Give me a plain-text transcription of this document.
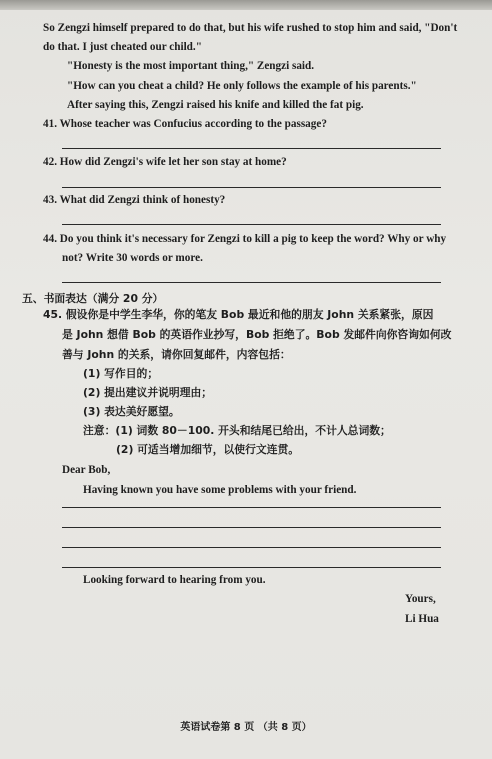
So Zengzi himself prepared to do that, but his wife rushed to stop him and said, "Don't
do that. I just cheated our child."
"Honesty is the most important thing," Zengzi said.
"How can you cheat a child? He only follows the example of his parents."
After saying this, Zengzi raised his knife and killed the fat pig.
41. Whose teacher was Confucius according to the passage?
42. How did Zengzi's wife let her son stay at home?
43. What did Zengzi think of honesty?
44. Do you think it's necessary for Zengzi to kill a pig to keep the word? Why or why
not? Write 30 words or more.
五、书面表达（满分 20 分）
45. 假设你是中学生李华，你的笔友 Bob 最近和他的朋友 John 关系紧张，原因
是 John 想借 Bob 的英语作业抄写，Bob 拒绝了。Bob 发邮件向你咨询如何改
善与 John 的关系，请你回复邮件，内容包括：
(1) 写作目的；
(2) 提出建议并说明理由；
(3) 表达美好愿望。
注意：(1) 词数 80－100. 开头和结尾已给出，不计人总词数；
(2) 可适当增加细节，以使行文连贯。
Dear Bob,
Having known you have some problems with your friend.
Looking forward to hearing from you.
Yours,
Li Hua
英语试卷第 8 页 （共 8 页）
